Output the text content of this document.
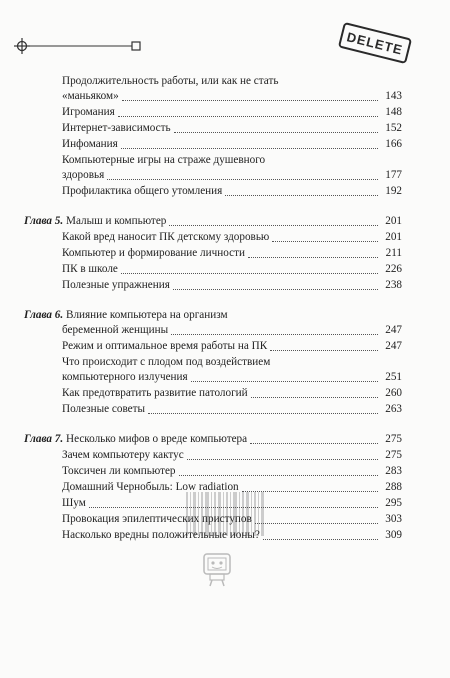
DELETE
Продолжительность работы, или как не стать
«маньяком»	143
Игромания	148
Интернет-зависимость	152
Инфомания	166
Компьютерные игры на страже душевного
здоровья	177
Профилактика общего утомления	192
Глава 5. Малыш и компьютер	201
Какой вред наносит ПК детскому здоровью	201
Компьютер и формирование личности	211
ПК в школе	226
Полезные упражнения	238
Глава 6. Влияние компьютера на организм
беременной женщины	247
Режим и оптимальное время работы на ПК	247
Что происходит с плодом под воздействием
компьютерного излучения	251
Как предотвратить развитие патологий	260
Полезные советы	263
Глава 7. Несколько мифов о вреде компьютера	275
Зачем компьютеру кактус	275
Токсичен ли компьютер	283
Домашний Чернобыль: Low radiation	288
Шум	295
Провокация эпилептических приступов	303
Насколько вредны положительные ионы?	309
